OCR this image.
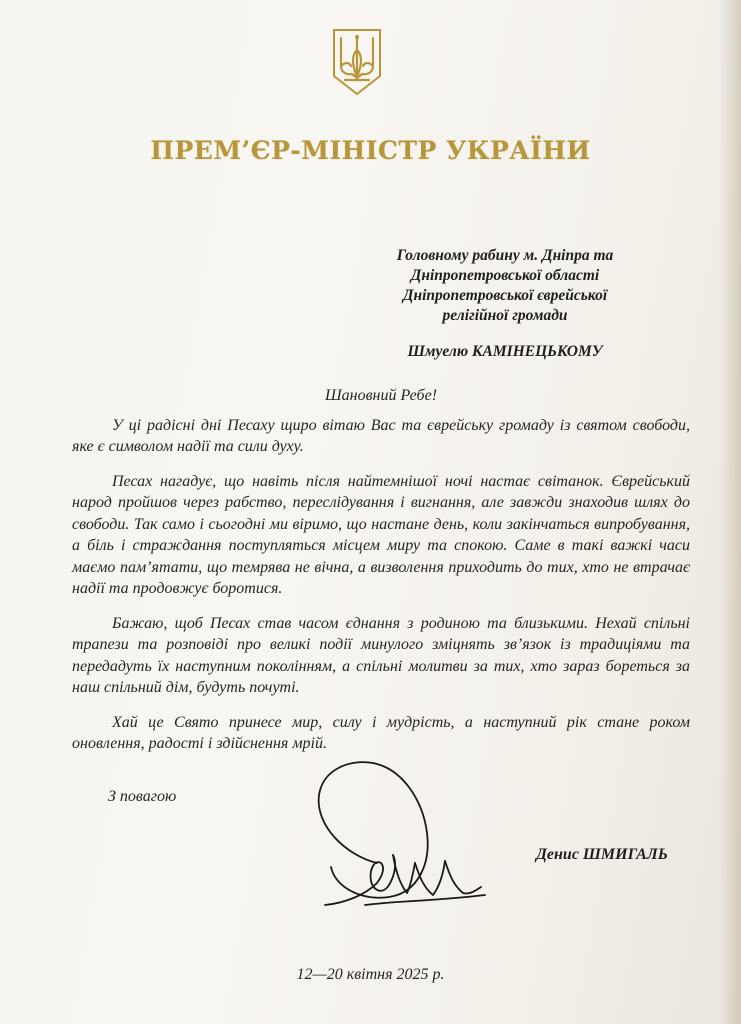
ПРЕМ’ЄР-МІНІСТР УКРАЇНИ
Головному рабину м. Дніпра та
Дніпропетровської області
Дніпропетровської єврейської
релігійної громади
Шмуелю КАМІНЕЦЬКОМУ
Шановний Ребе!

У ці радісні дні Песаху щиро вітаю Вас та єврейську громаду із святом свободи, яке є символом надії та сили духу.

Песах нагадує, що навіть після найтемнішої ночі настає світанок. Єврейський народ пройшов через рабство, переслідування і вигнання, але завжди знаходив шлях до свободи. Так само і сьогодні ми віримо, що настане день, коли закінчаться випробування, а біль і страждання поступляться місцем миру та спокою. Саме в такі важкі часи маємо пам’ятати, що темрява не вічна, а визволення приходить до тих, хто не втрачає надії та продовжує боротися.

Бажаю, щоб Песах став часом єднання з родиною та близькими. Нехай спільні трапези та розповіді про великі події минулого зміцнять зв’язок із традиціями та передадуть їх наступним поколінням, а спільні молитви за тих, хто зараз бореться за наш спільний дім, будуть почуті.

Хай це Свято принесе мир, силу і мудрість, а наступний рік стане роком оновлення, радості і здійснення мрій.

З повагою
Денис ШМИГАЛЬ
12—20 квітня 2025 р.
